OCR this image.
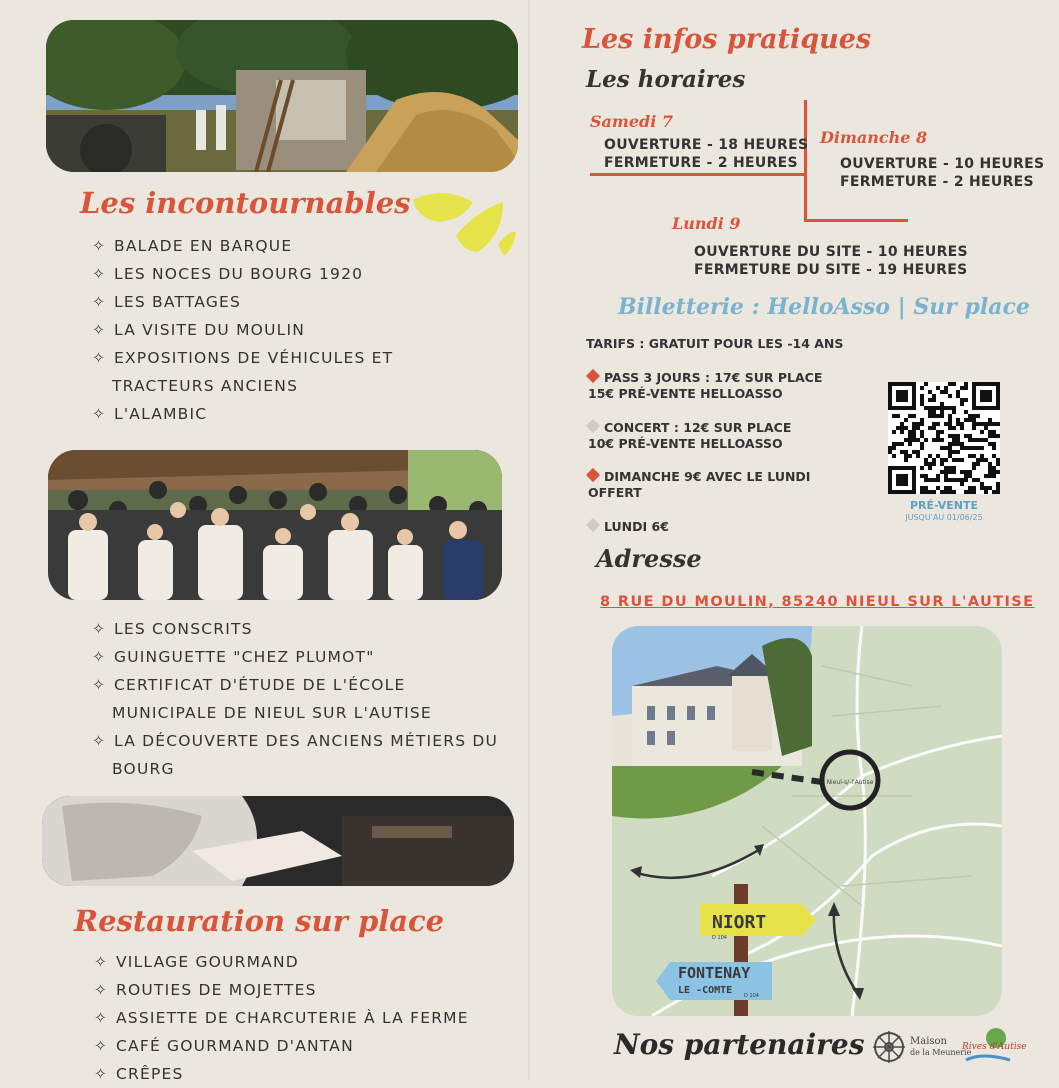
Les incontournables
✧ BALADE EN BARQUE
✧ LES NOCES DU BOURG 1920
✧ LES BATTAGES
✧ LA VISITE DU MOULIN
✧ EXPOSITIONS DE VÉHICULES ET
TRACTEURS ANCIENS
✧ L'ALAMBIC
✧ LES CONSCRITS
✧ GUINGUETTE "CHEZ PLUMOT"
✧ CERTIFICAT D'ÉTUDE DE L'ÉCOLE
MUNICIPALE DE NIEUL SUR L'AUTISE
✧ LA DÉCOUVERTE DES ANCIENS MÉTIERS DU
BOURG
Restauration sur place
✧ VILLAGE GOURMAND
✧ ROUTIES DE MOJETTES
✧ ASSIETTE DE CHARCUTERIE À LA FERME
✧ CAFÉ GOURMAND D'ANTAN
✧ CRÊPES
Les infos pratiques
Les horaires
Samedi 7
OUVERTURE - 18 HEURES
FERMETURE - 2 HEURES
Dimanche 8
OUVERTURE - 10 HEURES
FERMETURE - 2 HEURES
Lundi 9
OUVERTURE DU SITE - 10 HEURES
FERMETURE DU SITE - 19 HEURES
Billetterie : HelloAsso | Sur place
TARIFS : GRATUIT POUR LES -14 ANS
PASS 3 JOURS : 17€ SUR PLACE
15€ PRÉ-VENTE HELLOASSO
CONCERT : 12€ SUR PLACE
10€ PRÉ-VENTE HELLOASSO
DIMANCHE 9€ AVEC LE LUNDI
OFFERT
LUNDI 6€
PRÉ-VENTE
JUSQU'AU 01/06/25
Adresse
8 RUE DU MOULIN, 85240 NIEUL SUR L'AUTISE
Nieul-s/-l'Autise
NIORT
D 104
FONTENAY
LE -COMTE D 104
Nos partenaires	Maison
de la Meunerie
Rives d'Autise
